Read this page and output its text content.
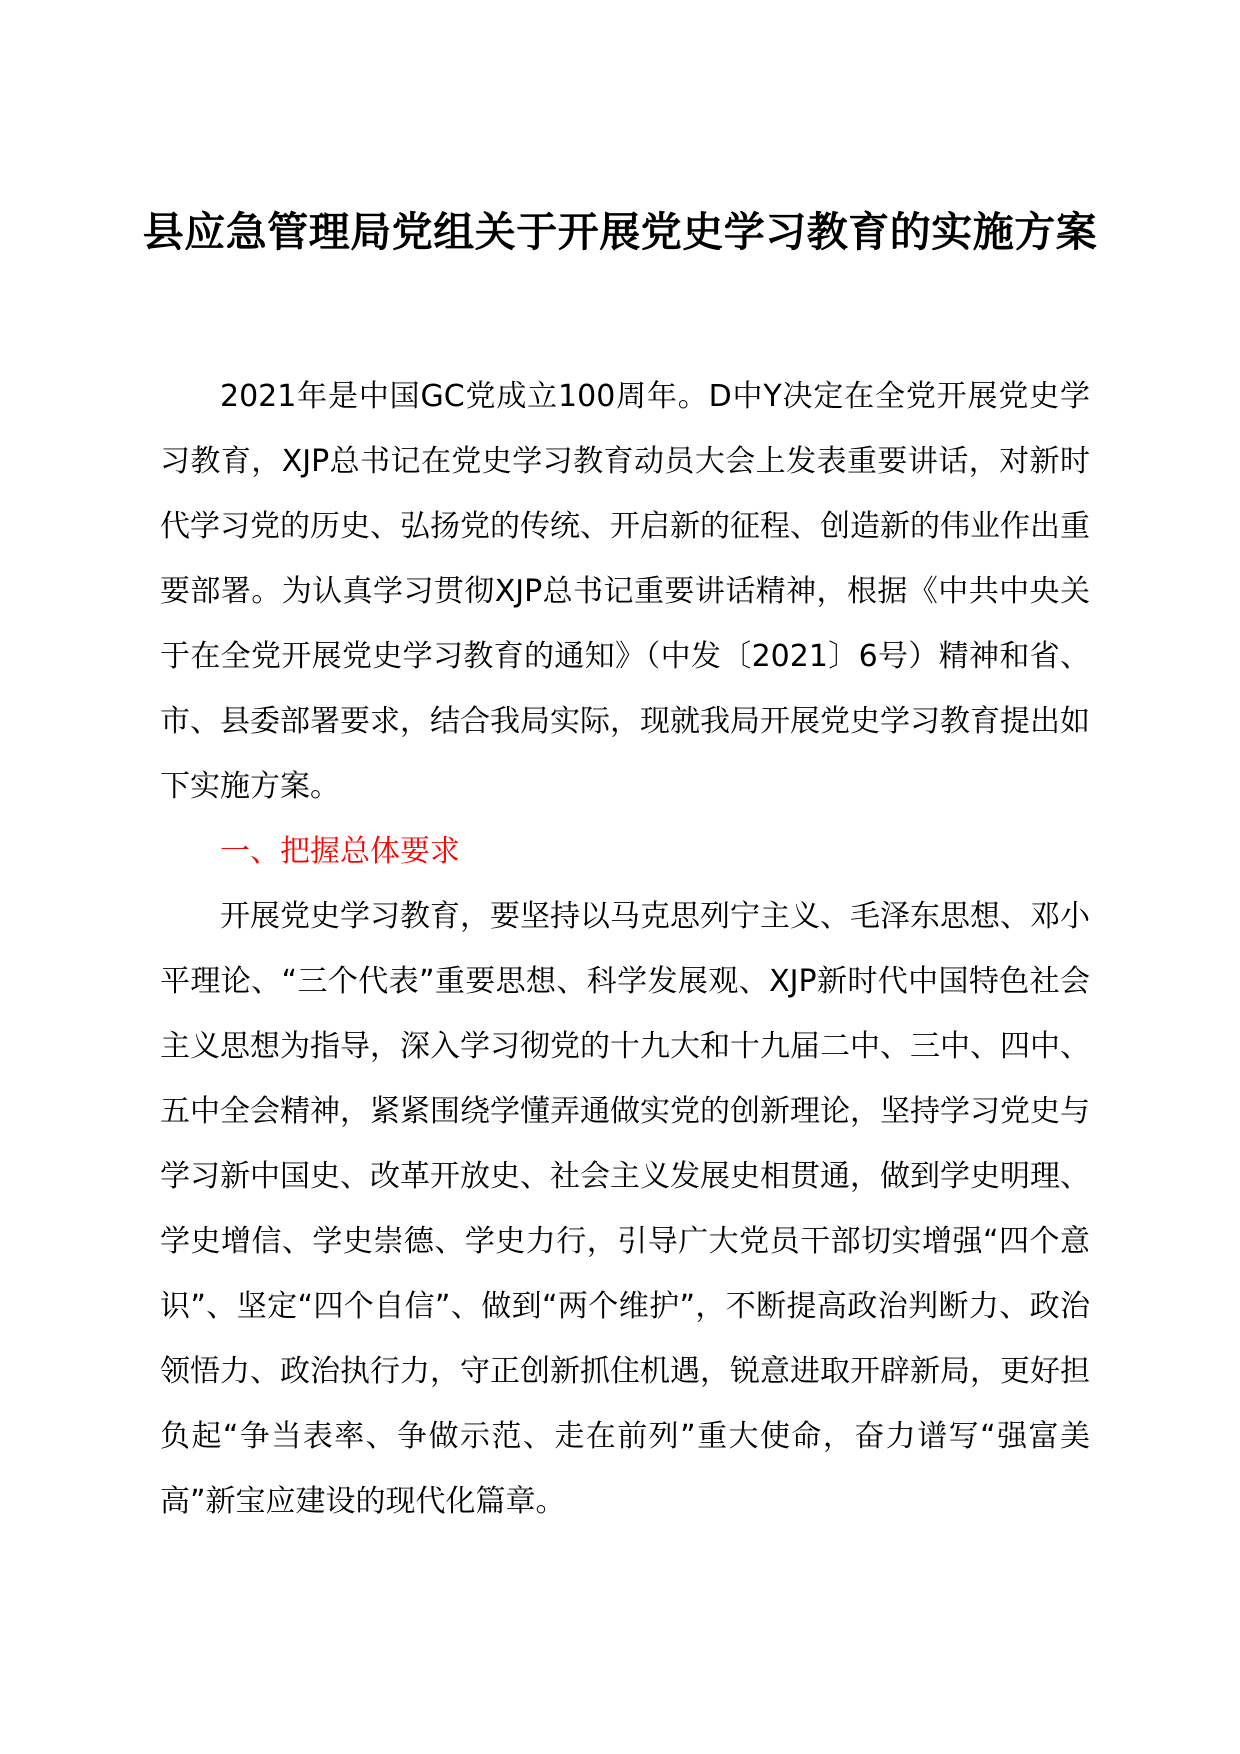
县应急管理局党组关于开展党史学习教育的实施方案

2021年是中国GC党成立100周年。D中Y决定在全党开展党史学习教育，XJP总书记在党史学习教育动员大会上发表重要讲话，对新时代学习党的历史、弘扬党的传统、开启新的征程、创造新的伟业作出重要部署。为认真学习贯彻XJP总书记重要讲话精神，根据《中共中央关于在全党开展党史学习教育的通知》（中发〔2021〕6号）精神和省、市、县委部署要求，结合我局实际，现就我局开展党史学习教育提出如下实施方案。

一、把握总体要求

开展党史学习教育，要坚持以马克思列宁主义、毛泽东思想、邓小平理论、“三个代表”重要思想、科学发展观、XJP新时代中国特色社会主义思想为指导，深入学习彻党的十九大和十九届二中、三中、四中、五中全会精神，紧紧围绕学懂弄通做实党的创新理论，坚持学习党史与学习新中国史、改革开放史、社会主义发展史相贯通，做到学史明理、学史增信、学史崇德、学史力行，引导广大党员干部切实增强“四个意识”、坚定“四个自信”、做到“两个维护”，不断提高政治判断力、政治领悟力、政治执行力，守正创新抓住机遇，锐意进取开辟新局，更好担负起“争当表率、争做示范、走在前列”重大使命，奋力谱写“强富美高”新宝应建设的现代化篇章。
